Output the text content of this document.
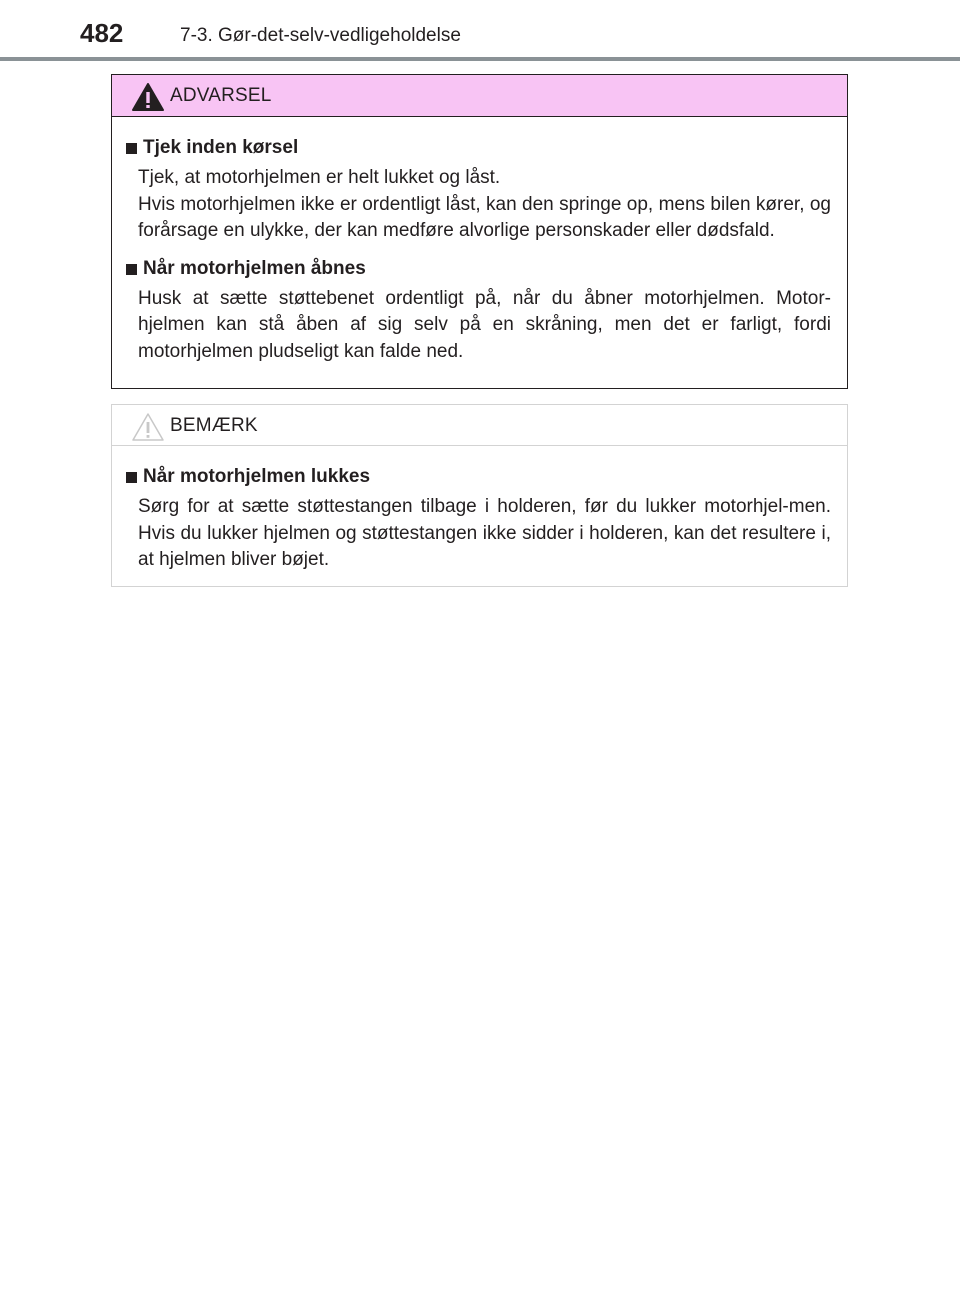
482	7-3. Gør-det-selv-vedligeholdelse
ADVARSEL
Tjek inden kørsel

Tjek, at motorhjelmen er helt lukket og låst.

Hvis motorhjelmen ikke er ordentligt låst, kan den springe op, mens bilen kører, og forårsage en ulykke, der kan medføre alvorlige personskader eller dødsfald.

Når motorhjelmen åbnes

Husk at sætte støttebenet ordentligt på, når du åbner motorhjelmen. Motor-hjelmen kan stå åben af sig selv på en skråning, men det er farligt, fordi motorhjelmen pludseligt kan falde ned.

BEMÆRK
Når motorhjelmen lukkes

Sørg for at sætte støttestangen tilbage i holderen, før du lukker motorhjel-men. Hvis du lukker hjelmen og støttestangen ikke sidder i holderen, kan det resultere i, at hjelmen bliver bøjet.
